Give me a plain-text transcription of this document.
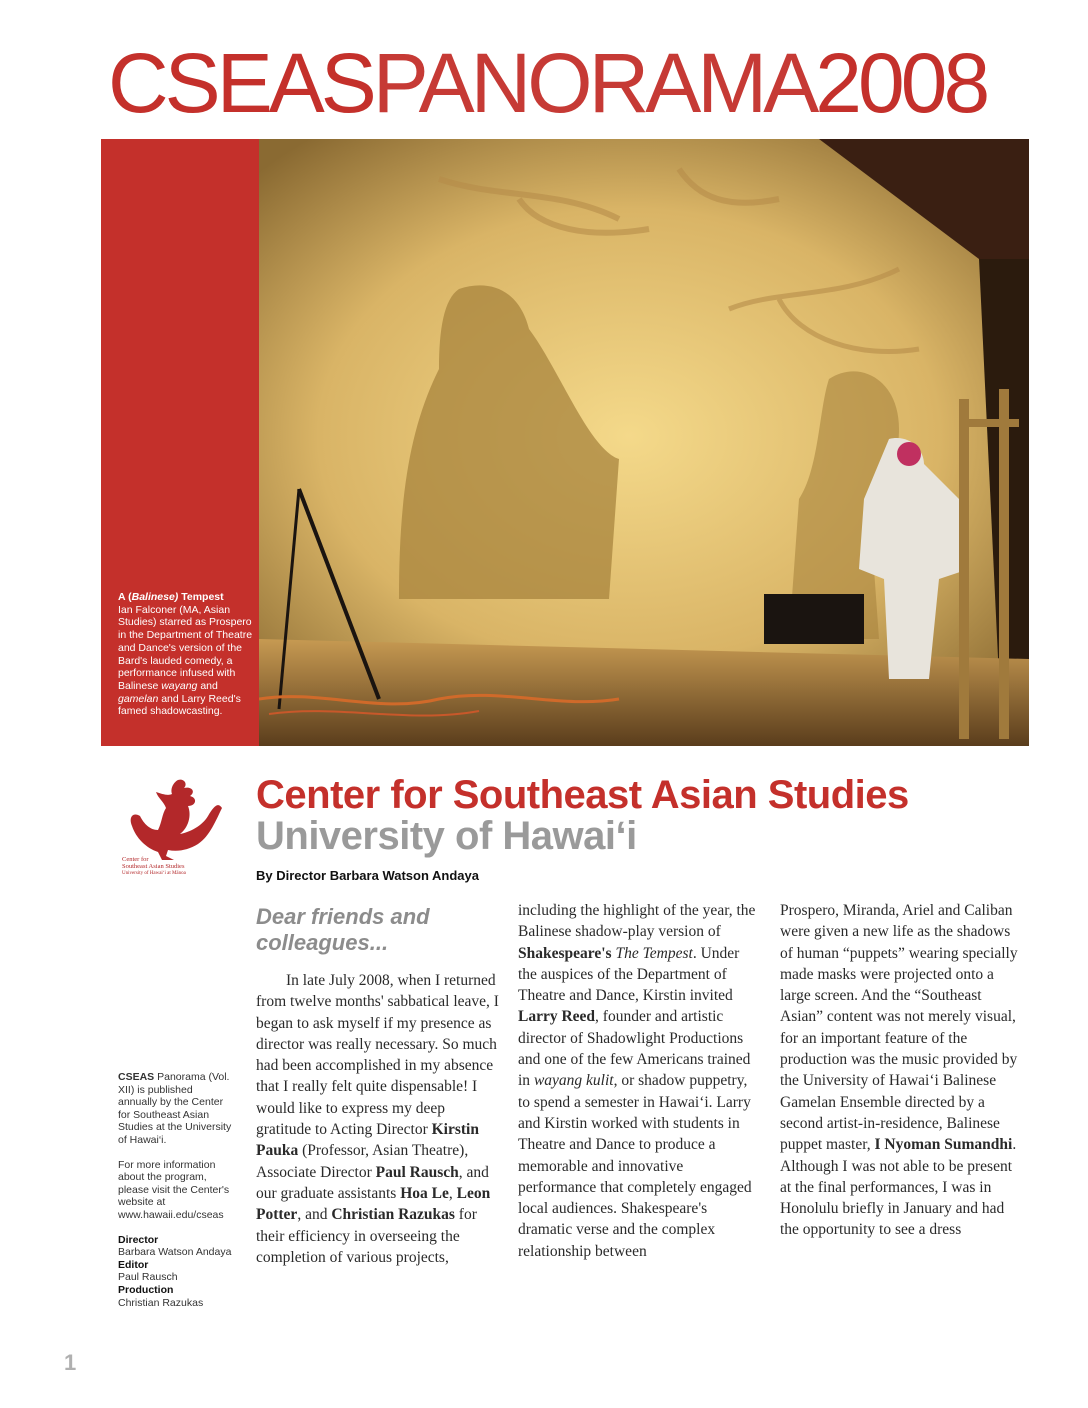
CSEASPANORAMA2008
A (Balinese) Tempest
Ian Falconer (MA, Asian Studies) starred as Prospero in the Department of Theatre and Dance's version of the Bard's lauded comedy, a performance infused with Balinese wayang and gamelan and Larry Reed's famed shadowcasting.
Center for
Southeast Asian Studies
University of Hawai‘i at Mānoa
Center for Southeast Asian Studies
University of Hawai‘i
By Director Barbara Watson Andaya
Dear friends and colleagues...
In late July 2008, when I returned from twelve months' sabbatical leave, I began to ask myself if my presence as director was really necessary. So much had been accomplished in my absence that I really felt quite dispensable! I would like to express my deep gratitude to Acting Director Kirstin Pauka (Professor, Asian Theatre), Associate Director Paul Rausch, and our graduate assistants Hoa Le, Leon Potter, and Christian Razukas for their efficiency in overseeing the completion of various projects,
including the highlight of the year, the Balinese shadow-play version of Shakespeare's The Tempest. Under the auspices of the Department of Theatre and Dance, Kirstin invited Larry Reed, founder and artistic director of Shadowlight Productions and one of the few Americans trained in wayang kulit, or shadow puppetry, to spend a semester in Hawai‘i. Larry and Kirstin worked with students in Theatre and Dance to produce a memorable and innovative performance that completely engaged local audiences. Shakespeare's dramatic verse and the complex relationship between
Prospero, Miranda, Ariel and Caliban were given a new life as the shadows of human “puppets” wearing specially made masks were projected onto a large screen. And the “Southeast Asian” content was not merely visual, for an important feature of the production was the music provided by the University of Hawai‘i Balinese Gamelan Ensemble directed by a second artist-in-residence, Balinese puppet master, I Nyoman Sumandhi. Although I was not able to be present at the final performances, I was in Honolulu briefly in January and had the opportunity to see a dress

CSEAS Panorama (Vol. XII) is published annually by the Center for Southeast Asian Studies at the University of Hawai‘i.

For more information about the program, please visit the Center's website at www.hawaii.edu/cseas

Director
Barbara Watson Andaya
Editor
Paul Rausch
Production
Christian Razukas
1
